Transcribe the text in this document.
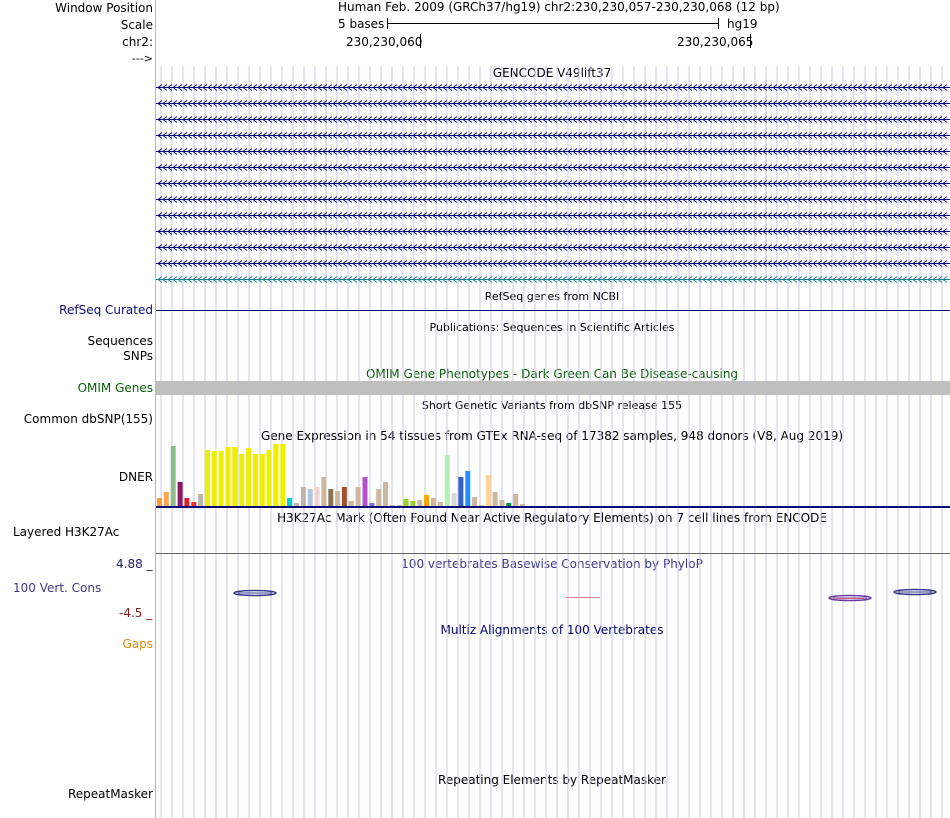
Window Position
Scale
chr2:
--->
Human Feb. 2009 (GRCh37/hg19) chr2:230,230,057-230,230,068 (12 bp)
5 bases	hg19
230,230,060	230,230,065
GENCODE V49lift37
RefSeq genes from NCBI
RefSeq Curated
Publications: Sequences in Scientific Articles
Sequences
SNPs
OMIM Gene Phenotypes - Dark Green Can Be Disease-causing
OMIM Genes
Short Genetic Variants from dbSNP release 155
Common dbSNP(155)
Gene Expression in 54 tissues from GTEx RNA-seq of 17382 samples, 948 donors (V8, Aug 2019)
DNER
H3K27Ac Mark (Often Found Near Active Regulatory Elements) on 7 cell lines from ENCODE
Layered H3K27Ac
100 vertebrates Basewise Conservation by PhyloP
4.88 _
100 Vert. Cons
-4.5 _
Multiz Alignments of 100 Vertebrates
Gaps
Repeating Elements by RepeatMasker
RepeatMasker
